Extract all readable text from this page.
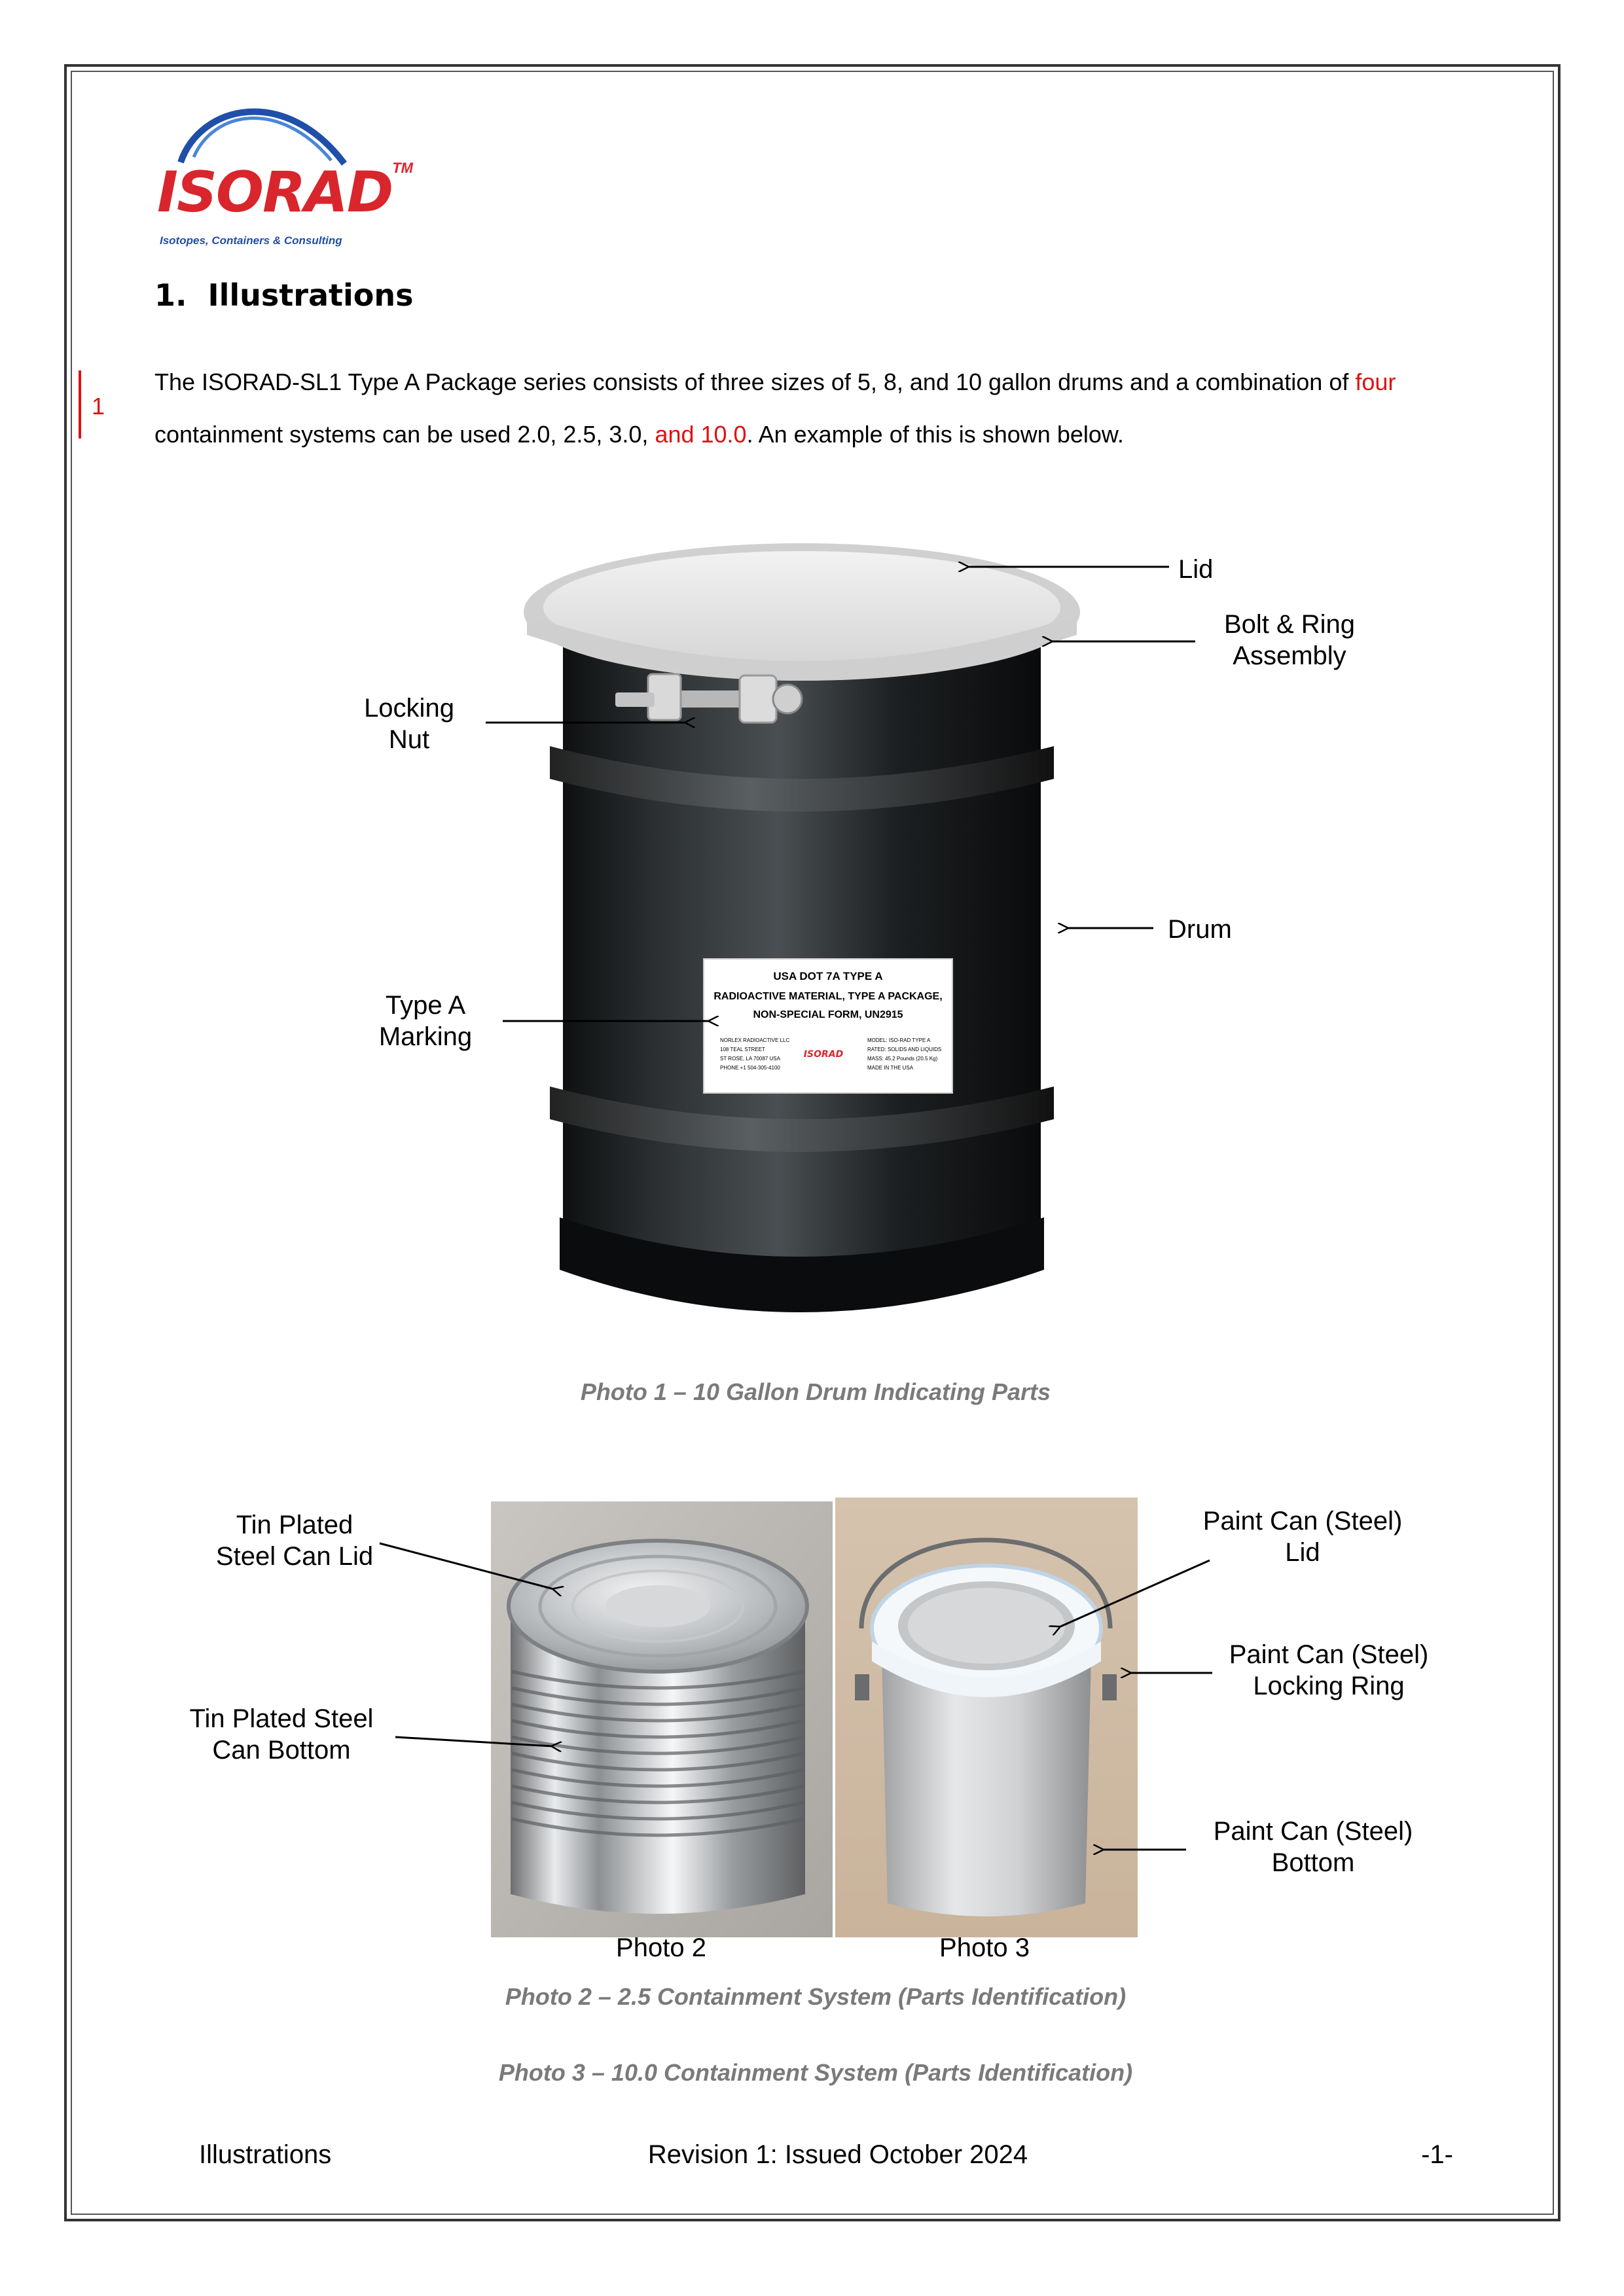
ISORADTM
Isotopes, Containers & Consulting
1. Illustrations
1
The ISORAD-SL1 Type A Package series consists of three sizes of 5, 8, and 10 gallon drums and a combination of four
containment systems can be used 2.0, 2.5, 3.0, and 10.0. An example of this is shown below.
USA DOT 7A TYPE A
RADIOACTIVE MATERIAL, TYPE A PACKAGE,
NON-SPECIAL FORM, UN2915
NORLEX RADIOACTIVE LLC
108 TEAL STREET
ST ROSE, LA 70087 USA
PHONE +1 504-305-4100
ISORAD
MODEL: ISO-RAD TYPE A
RATED: SOLIDS AND LIQUIDS
MASS: 45.2 Pounds (20.5 Kg)
MADE IN THE USA
Lid
Bolt & Ring
Assembly
Locking
Nut
Drum
Type A
Marking
Photo 1 – 10 Gallon Drum Indicating Parts
Tin Plated
Steel Can Lid
Tin Plated Steel
Can Bottom
Paint Can (Steel)
Lid
Paint Can (Steel)
Locking Ring
Paint Can (Steel)
Bottom
Photo 2	Photo 3
Photo 2 – 2.5 Containment System (Parts Identification)
Photo 3 – 10.0 Containment System (Parts Identification)
Illustrations	Revision 1: Issued October 2024	-1-
